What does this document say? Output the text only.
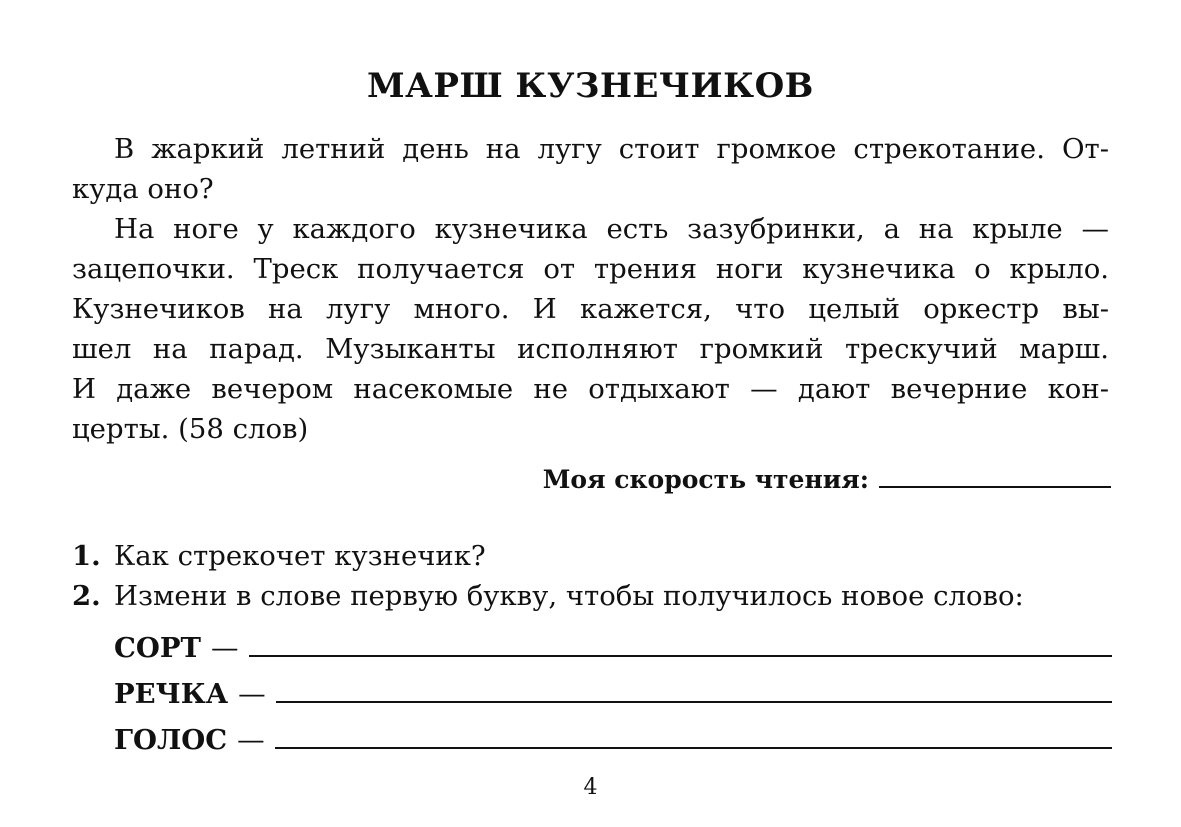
МАРШ КУЗНЕЧИКОВ
В жаркий летний день на лугу стоит громкое стрекотание. От-
куда оно?
На ноге у каждого кузнечика есть зазубринки, а на крыле —
зацепочки. Треск получается от трения ноги кузнечика о крыло.
Кузнечиков на лугу много. И кажется, что целый оркестр вы-
шел на парад. Музыканты исполняют громкий трескучий марш.
И даже вечером насекомые не отдыхают — дают вечерние кон-
церты. (58 слов)
Моя скорость чтения:
1. Как стрекочет кузнечик?
2. Измени в слове первую букву, чтобы получилось новое слово:
СОРТ —
РЕЧКА —
ГОЛОС —
4
